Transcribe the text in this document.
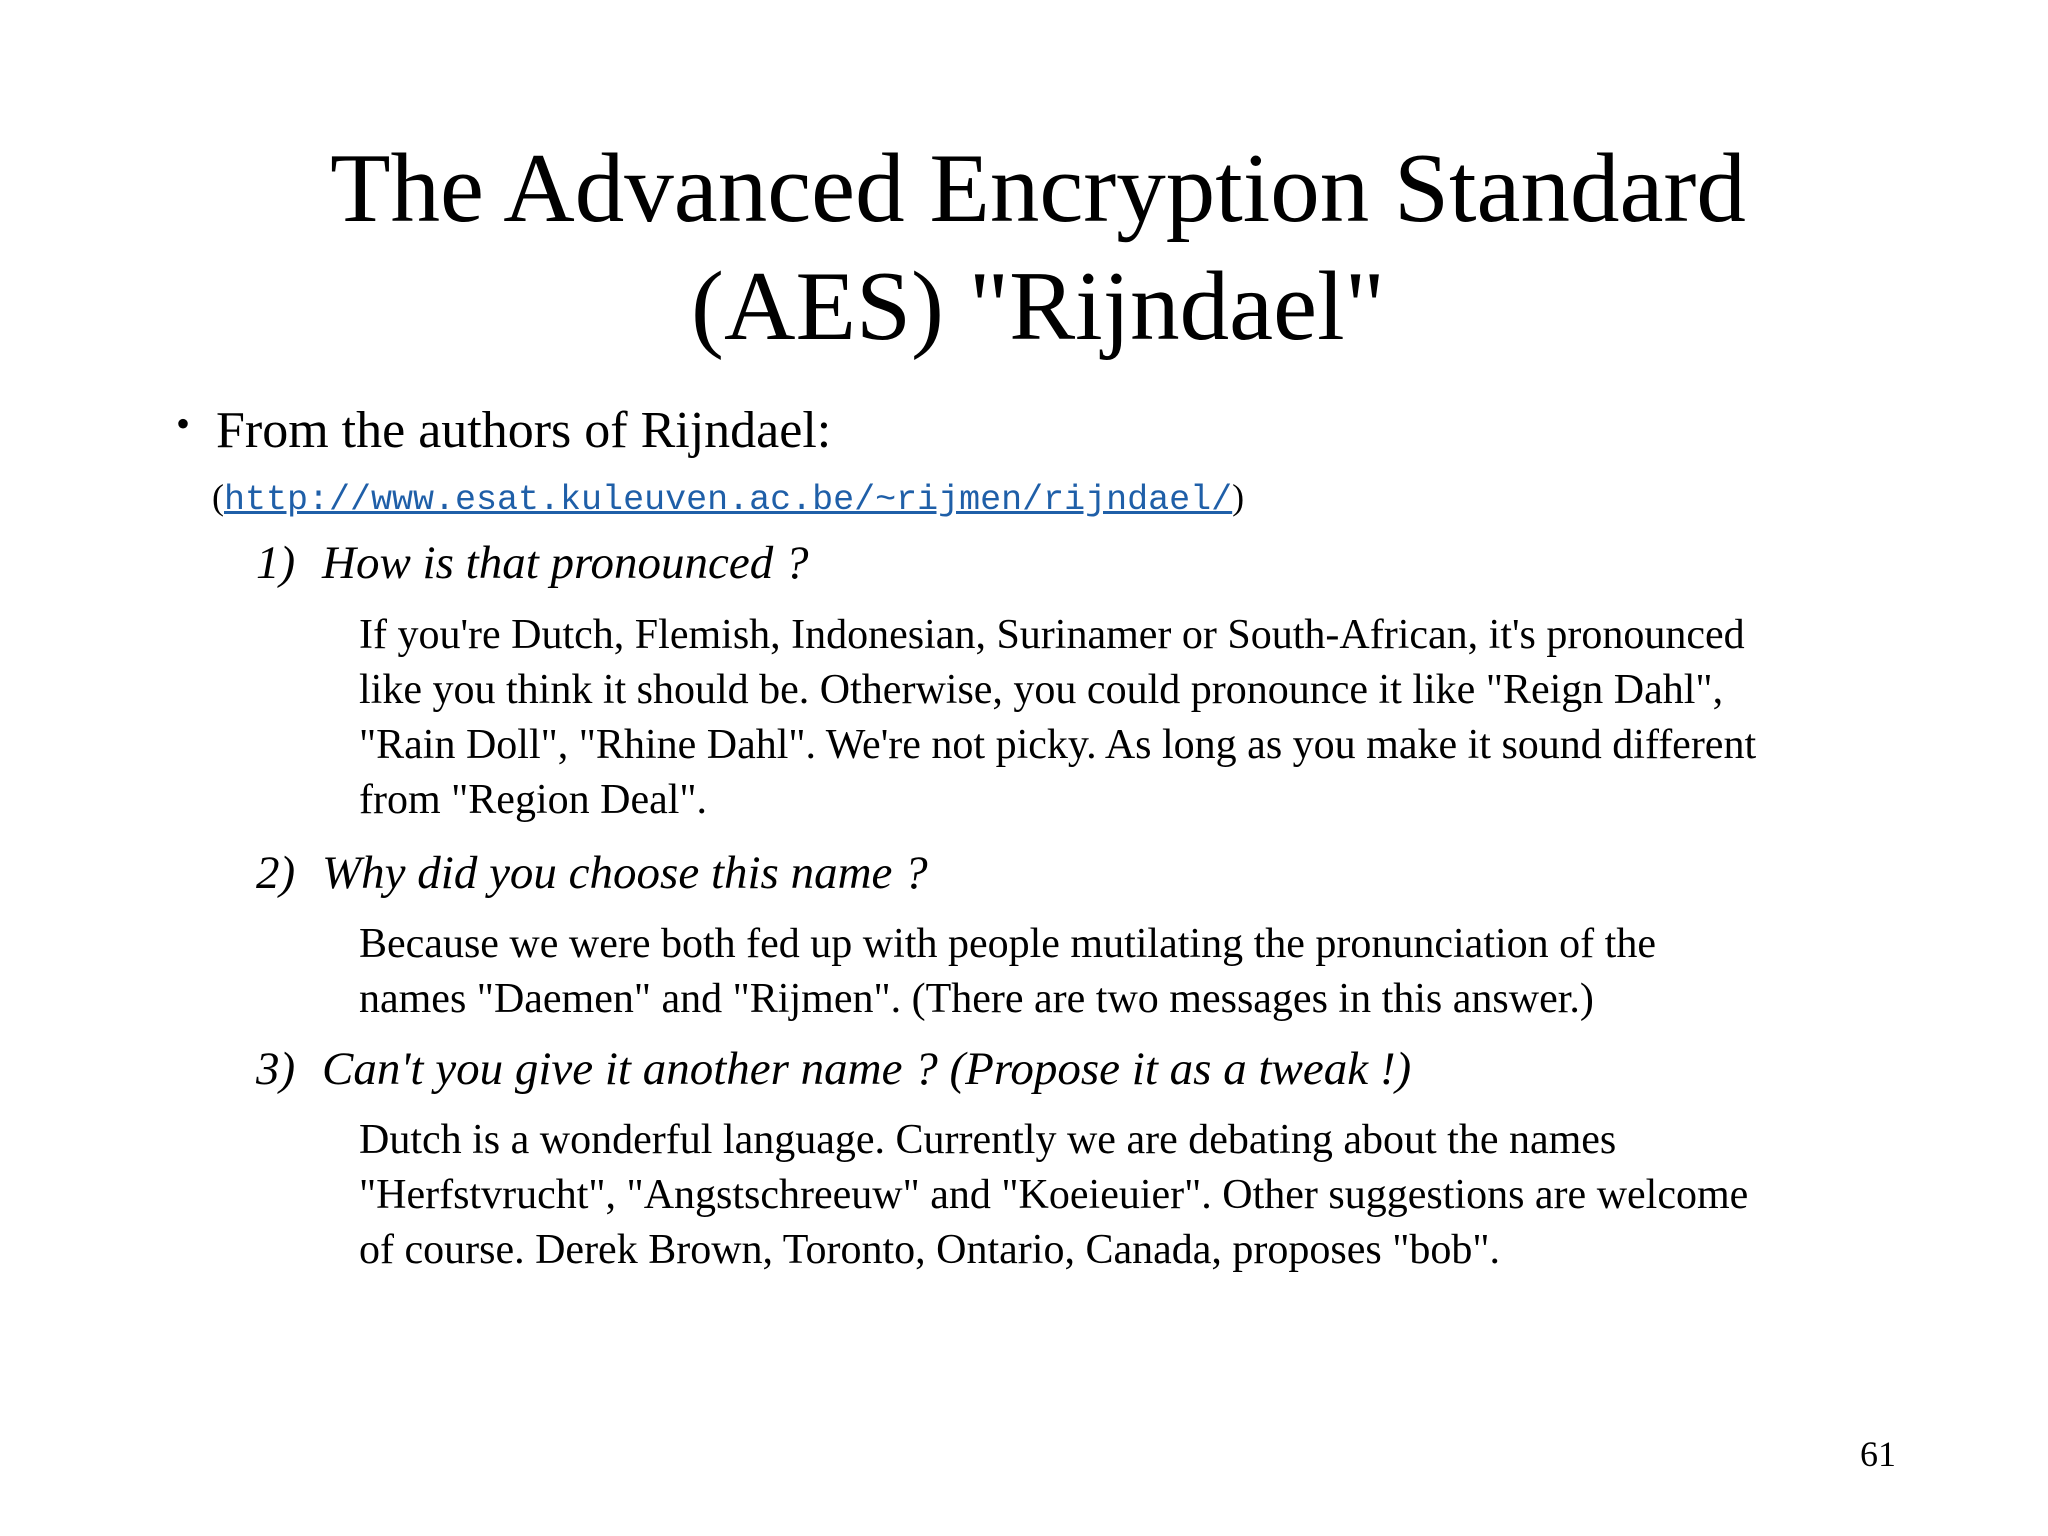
The Advanced Encryption Standard
(AES) "Rijndael"
• From the authors of Rijndael:
(http://www.esat.kuleuven.ac.be/~rijmen/rijndael/)
1) How is that pronounced ?
If you're Dutch, Flemish, Indonesian, Surinamer or South-African, it's pronounced
like you think it should be. Otherwise, you could pronounce it like "Reign Dahl",
"Rain Doll", "Rhine Dahl". We're not picky. As long as you make it sound different
from "Region Deal".
2) Why did you choose this name ?
Because we were both fed up with people mutilating the pronunciation of the
names "Daemen" and "Rijmen". (There are two messages in this answer.)
3) Can't you give it another name ? (Propose it as a tweak !)
Dutch is a wonderful language. Currently we are debating about the names
"Herfstvrucht", "Angstschreeuw" and "Koeieuier". Other suggestions are welcome
of course. Derek Brown, Toronto, Ontario, Canada, proposes "bob".
61
